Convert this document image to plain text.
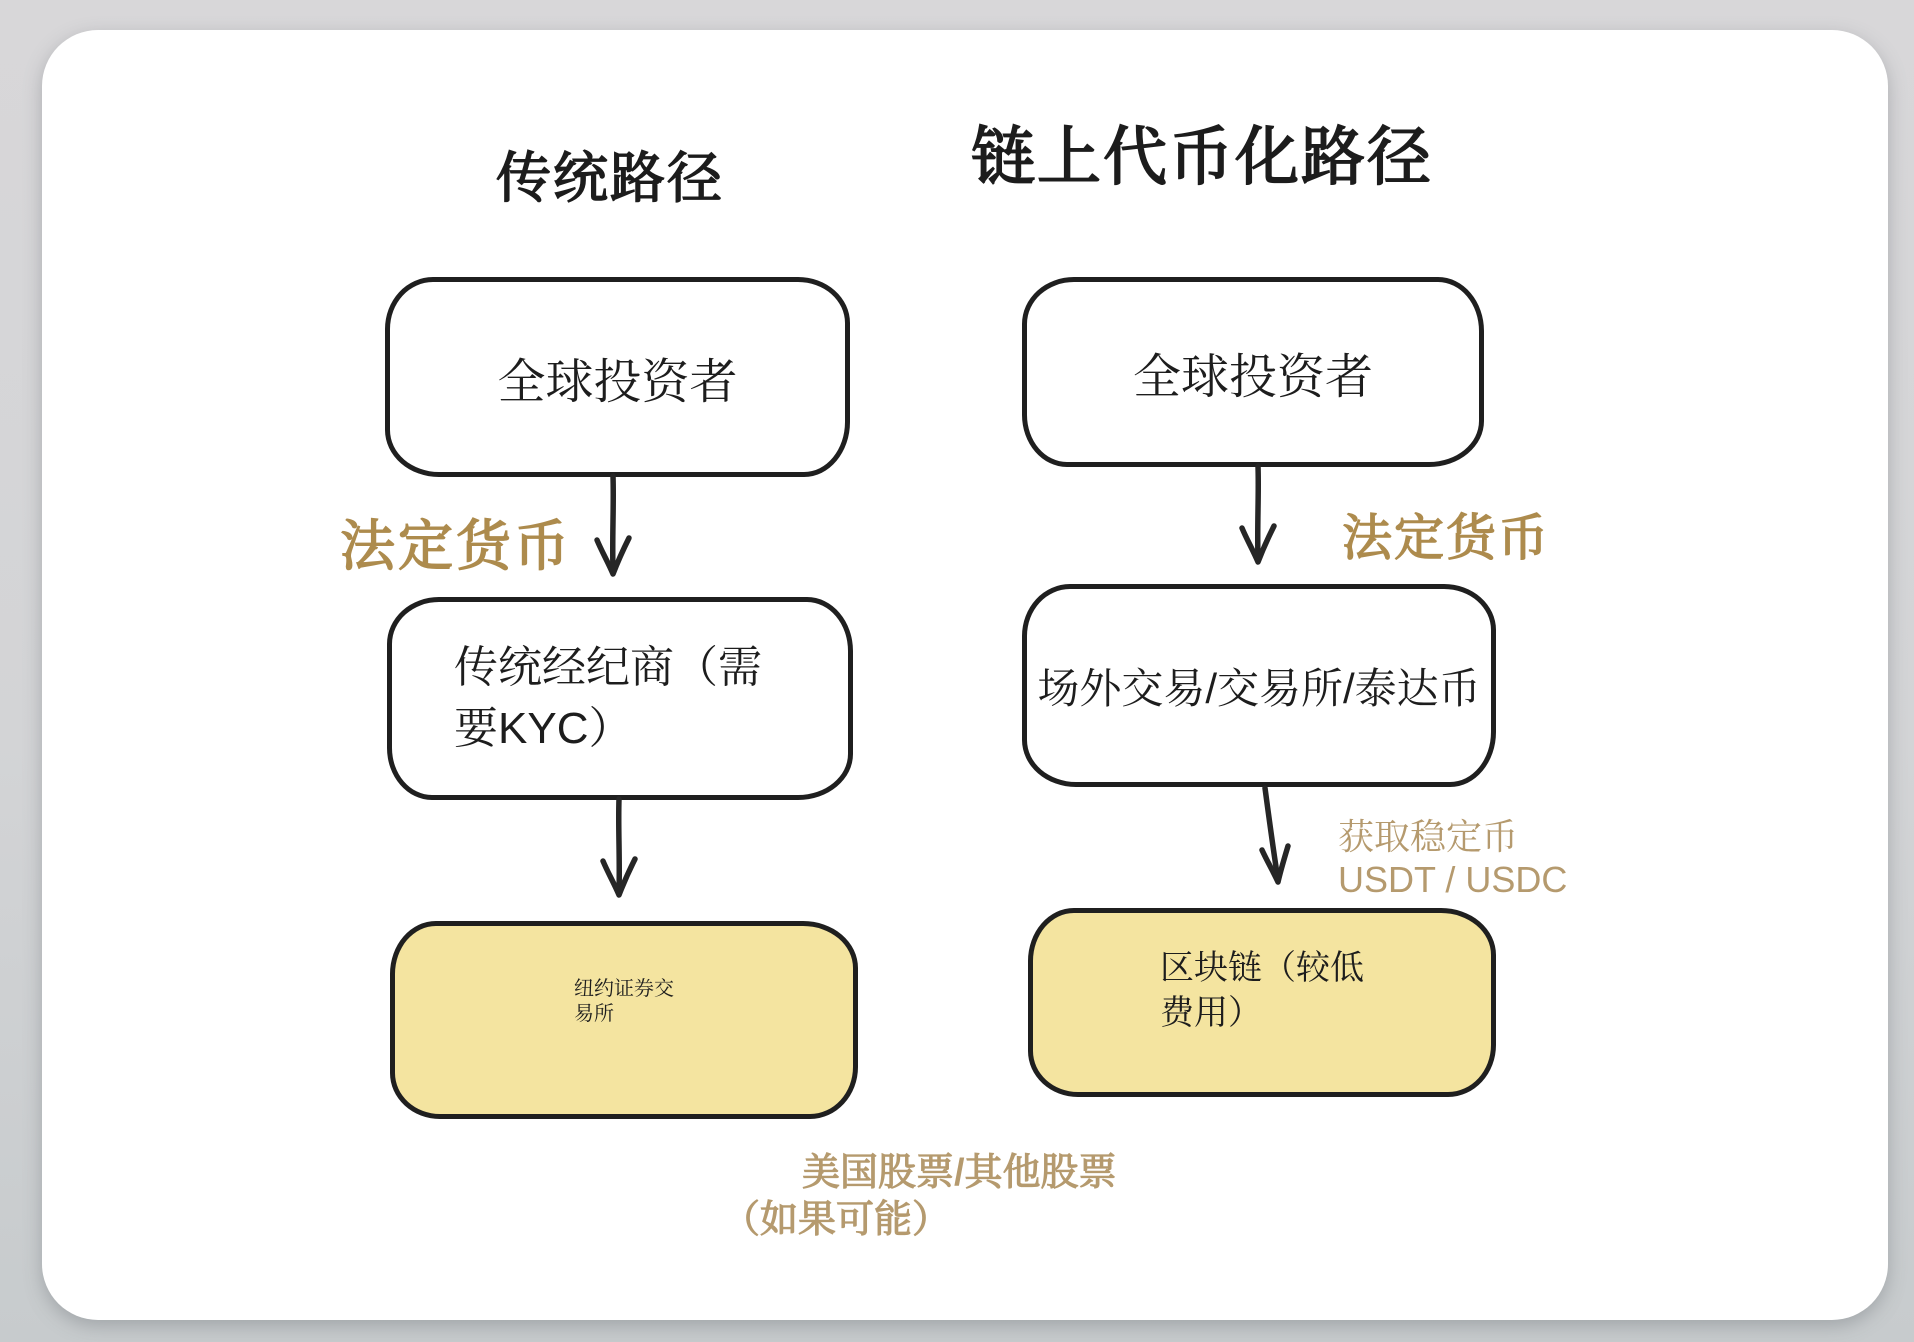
传统路径	链上代币化路径
全球投资者
传统经纪商（需
要KYC）
纽约证券交
易所
全球投资者
场外交易/交易所/泰达币
区块链（较低
费用）
法定货币	法定货币
获取稳定币
USDT / USDC
美国股票/其他股票
（如果可能）
